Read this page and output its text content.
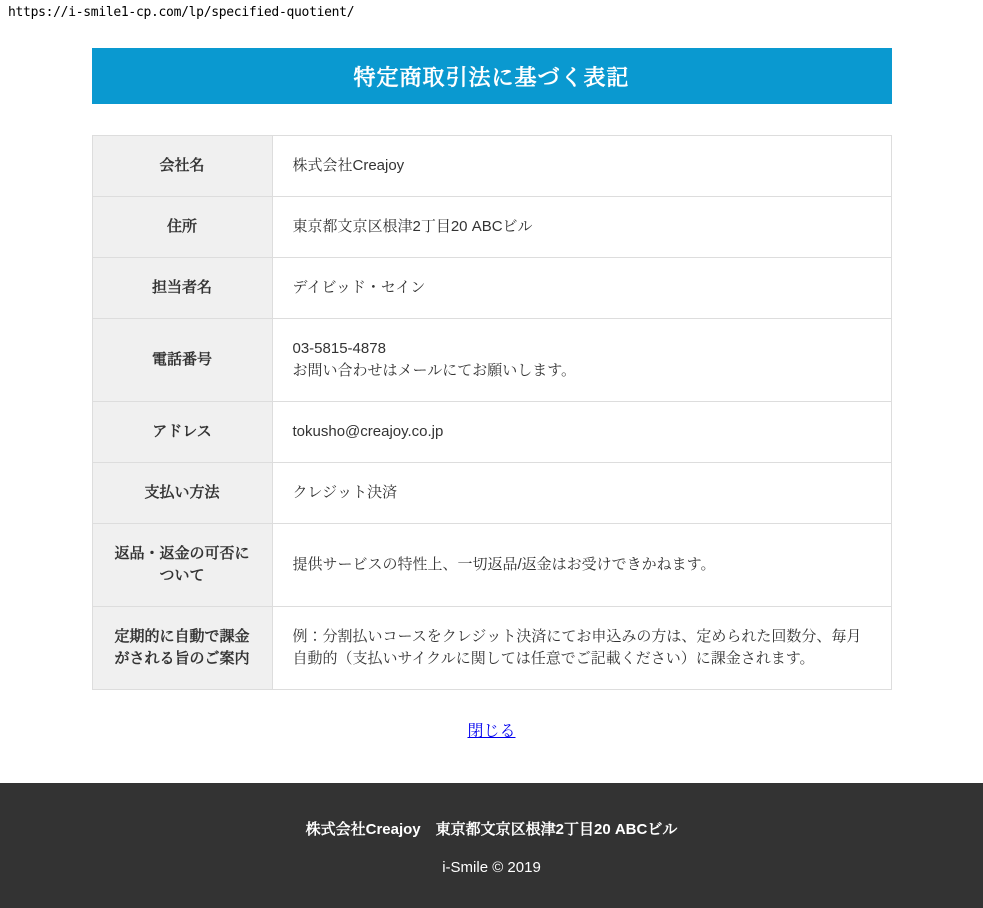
https://i-smile1-cp.com/lp/specified-quotient/
特定商取引法に基づく表記
会社名	株式会社Creajoy

住所	東京都文京区根津2丁目20 ABCビル

担当者名	デイビッド・セイン

電話番号	03-5815-4878
お問い合わせはメールにてお願いします。

アドレス	tokusho@creajoy.co.jp

支払い方法	クレジット決済

返品・返金の可否について	提供サービスの特性上、一切返品/返金はお受けできかねます。

定期的に自動で課金がされる旨のご案内	例：分割払いコースをクレジット決済にてお申込みの方は、定められた回数分、毎月自動的（支払いサイクルに関しては任意でご記載ください）に課金されます。
閉じる

株式会社Creajoy　東京都文京区根津2丁目20 ABCビル

i-Smile © 2019
